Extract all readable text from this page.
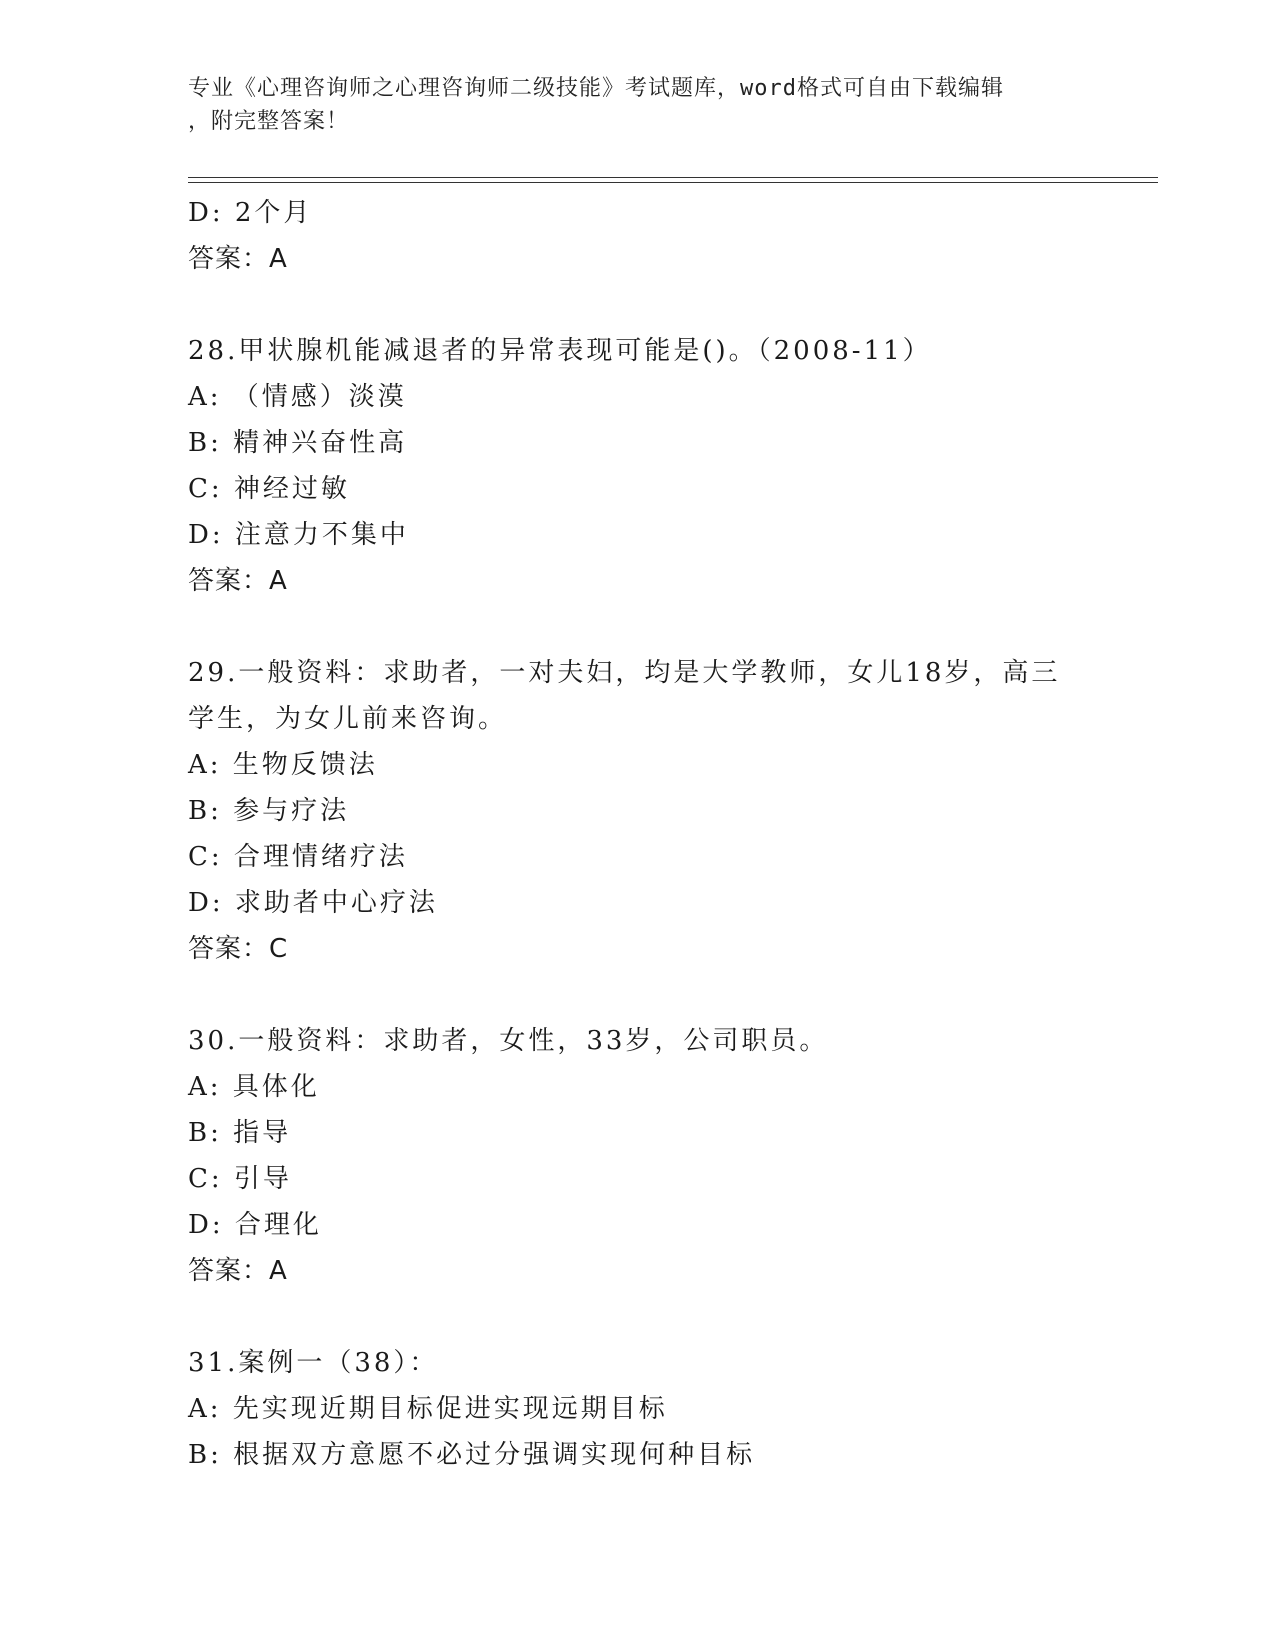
专业《心理咨询师之心理咨询师二级技能》考试题库，word格式可自由下载编辑
，附完整答案！
D: 2个月
答案：A
28.甲状腺机能减退者的异常表现可能是()。（2008-11）
A: （情感）淡漠
B: 精神兴奋性高
C: 神经过敏
D: 注意力不集中
答案：A
29.一般资料：求助者，一对夫妇，均是大学教师，女儿18岁，高三
学生，为女儿前来咨询。
A: 生物反馈法
B: 参与疗法
C: 合理情绪疗法
D: 求助者中心疗法
答案：C
30.一般资料：求助者，女性，33岁，公司职员。
A: 具体化
B: 指导
C: 引导
D: 合理化
答案：A
31.案例一（38）：
A: 先实现近期目标促进实现远期目标
B: 根据双方意愿不必过分强调实现何种目标
